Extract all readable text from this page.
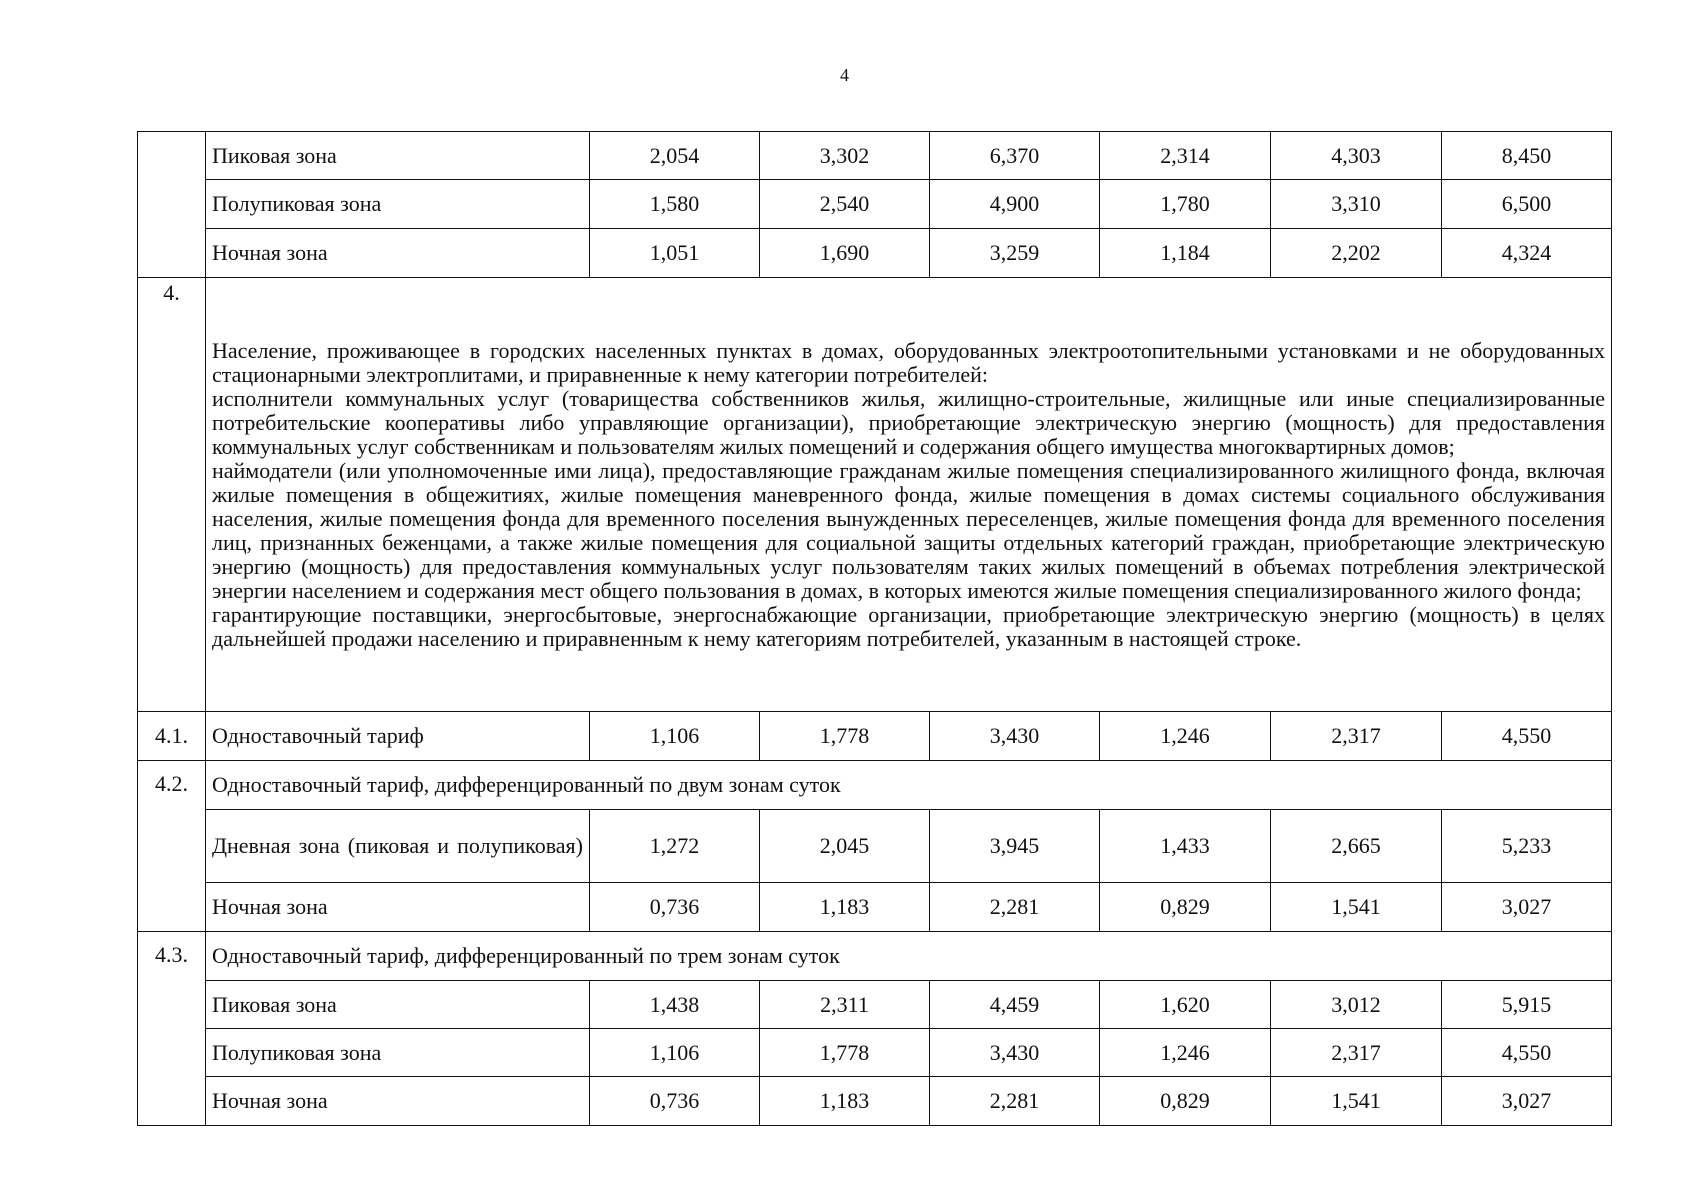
4
	Пиковая зона	2,054	3,302	6,370	2,314	4,303	8,450
	Полупиковая зона	1,580	2,540	4,900	1,780	3,310	6,500
	Ночная зона	1,051	1,690	3,259	1,184	2,202	4,324
4.	Население, проживающее в городских населенных пунктах в домах, оборудованных электроотопительными установками и не оборудованных стационарными электроплитами, и приравненные к нему категории потребителей:

исполнители коммунальных услуг (товарищества собственников жилья, жилищно-строительные, жилищные или иные специализированные потребительские кооперативы либо управляющие организации), приобретающие электрическую энергию (мощность) для предоставления коммунальных услуг собственникам и пользователям жилых помещений и содержания общего имущества многоквартирных домов;

наймодатели (или уполномоченные ими лица), предоставляющие гражданам жилые помещения специализированного жилищного фонда, включая жилые помещения в общежитиях, жилые помещения маневренного фонда, жилые помещения в домах системы социального обслуживания населения, жилые помещения фонда для временного поселения вынужденных переселенцев, жилые помещения фонда для временного поселения лиц, признанных беженцами, а также жилые помещения для социальной защиты отдельных категорий граждан, приобретающие электрическую энергию (мощность) для предоставления коммунальных услуг пользователям таких жилых помещений в объемах потребления электрической энергии населением и содержания мест общего пользования в домах, в которых имеются жилые помещения специализированного жилого фонда;

гарантирующие поставщики, энергосбытовые, энергоснабжающие организации, приобретающие электрическую энергию (мощность) в целях дальнейшей продажи населению и приравненным к нему категориям потребителей, указанным в настоящей строке.						

4.1.	Одноставочный тариф	1,106	1,778	3,430	1,246	2,317	4,550
4.2.	Одноставочный тариф, дифференцированный по двум зонам суток						
	Дневная зона (пиковая и полупиковая)	1,272	2,045	3,945	1,433	2,665	5,233
	Ночная зона	0,736	1,183	2,281	0,829	1,541	3,027
4.3.	Одноставочный тариф, дифференцированный по трем зонам суток						
	Пиковая зона	1,438	2,311	4,459	1,620	3,012	5,915
	Полупиковая зона	1,106	1,778	3,430	1,246	2,317	4,550
	Ночная зона	0,736	1,183	2,281	0,829	1,541	3,027
